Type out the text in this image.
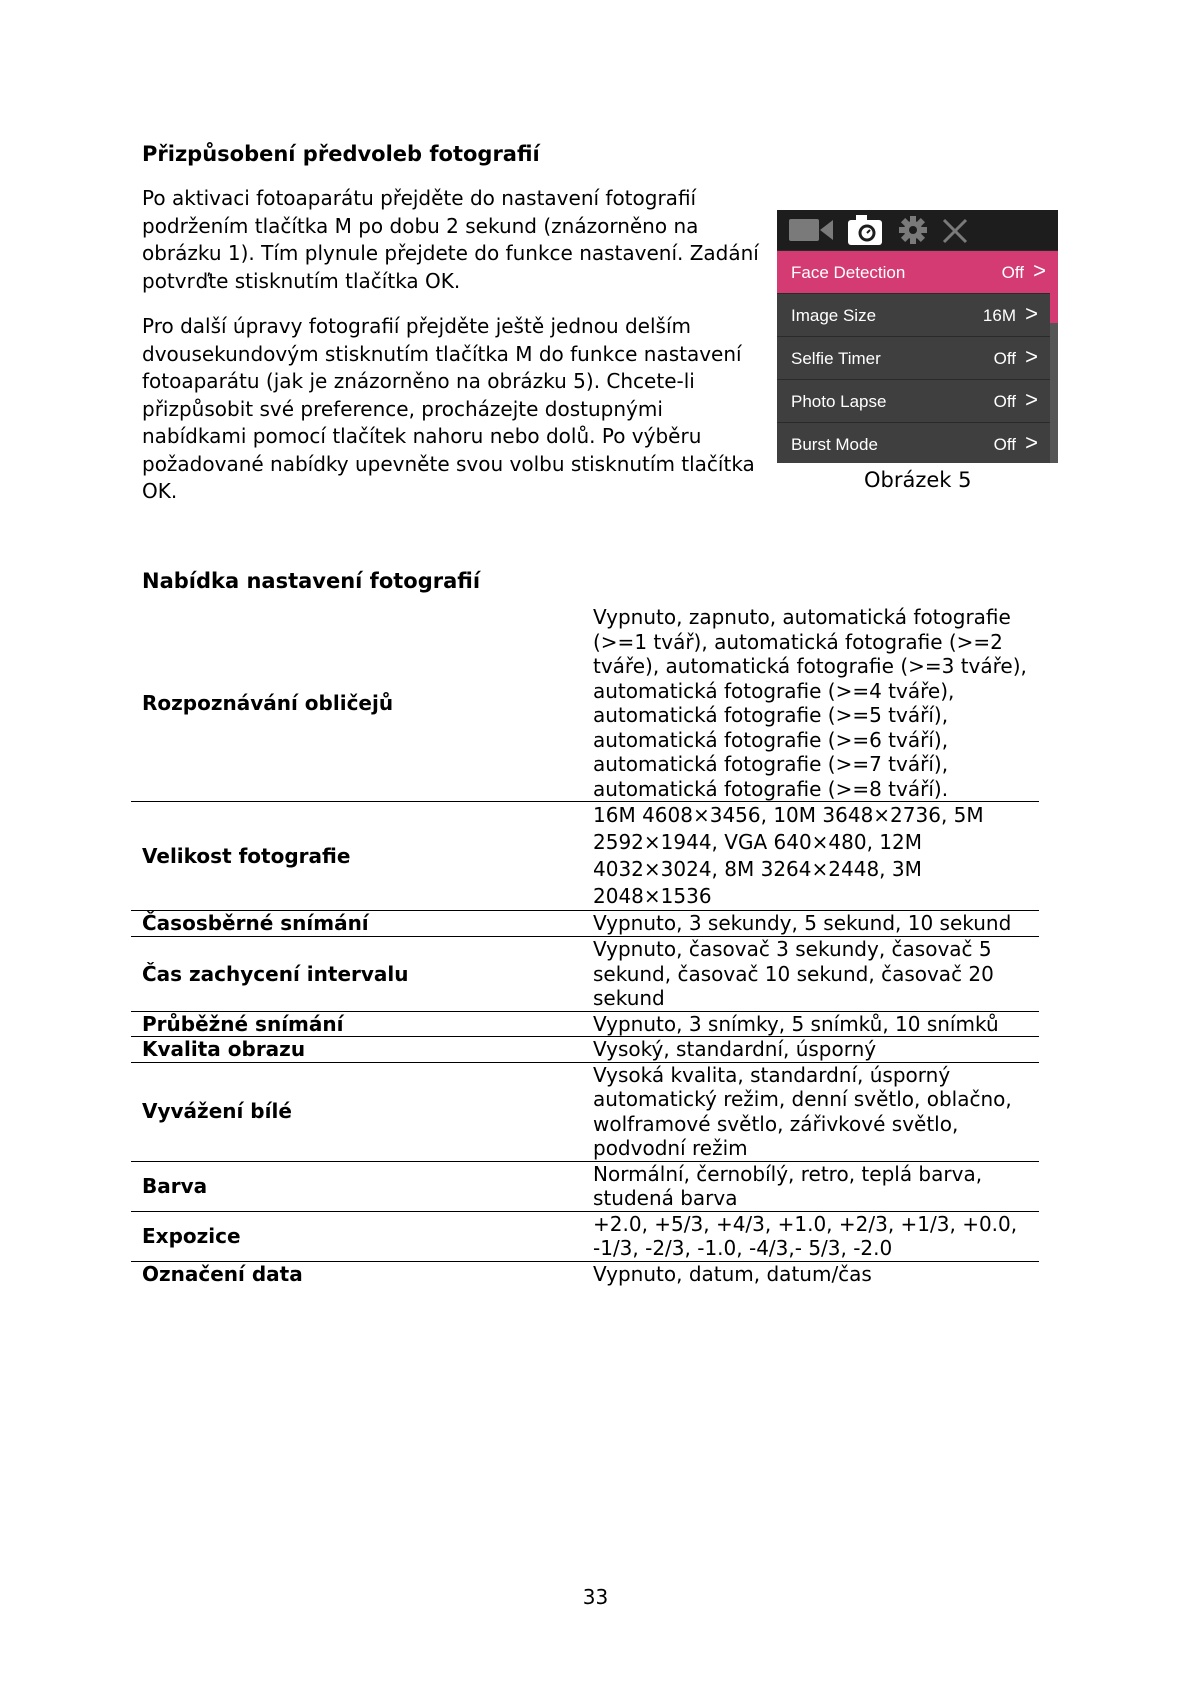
Přizpůsobení předvoleb fotografií

Po aktivaci fotoaparátu přejděte do nastavení fotografií podržením tlačítka M po dobu 2 sekund (znázorněno na obrázku 1). Tím plynule přejdete do funkce nastavení. Zadání potvrďte stisknutím tlačítka OK.

Pro další úpravy fotografií přejděte ještě jednou delším dvousekundovým stisknutím tlačítka M do funkce nastavení fotoaparátu (jak je znázorněno na obrázku 5). Chcete-li přizpůsobit své preference, procházejte dostupnými nabídkami pomocí tlačítek nahoru nebo dolů. Po výběru požadované nabídky upevněte svou volbu stisknutím tlačítka OK.

Face Detection	Off >
Image Size	16M >
Selfie Timer	Off >
Photo Lapse	Off >
Burst Mode	Off >
Obrázek 5
Nabídka nastavení fotografií
Rozpoznávání obličejů	Vypnuto, zapnuto, automatická fotografie (>=1 tvář), automatická fotografie (>=2 tváře), automatická fotografie (>=3 tváře), automatická fotografie (>=4 tváře), automatická fotografie (>=5 tváří), automatická fotografie (>=6 tváří), automatická fotografie (>=7 tváří), automatická fotografie (>=8 tváří).
Velikost fotografie	16M 4608×3456, 10M 3648×2736, 5M 2592×1944, VGA 640×480, 12M 4032×3024, 8M 3264×2448, 3M 2048×1536
Časosběrné snímání	Vypnuto, 3 sekundy, 5 sekund, 10 sekund
Čas zachycení intervalu	Vypnuto, časovač 3 sekundy, časovač 5 sekund, časovač 10 sekund, časovač 20 sekund
Průběžné snímání	Vypnuto, 3 snímky, 5 snímků, 10 snímků
Kvalita obrazu	Vysoký, standardní, úsporný
Vyvážení bílé	Vysoká kvalita, standardní, úsporný automatický režim, denní světlo, oblačno, wolframové světlo, zářivkové světlo, podvodní režim
Barva	Normální, černobílý, retro, teplá barva, studená barva
Expozice	+2.0, +5/3, +4/3, +1.0, +2/3, +1/3, +0.0, -1/3, -2/3, -1.0, -4/3,- 5/3, -2.0
Označení data	Vypnuto, datum, datum/čas
33
